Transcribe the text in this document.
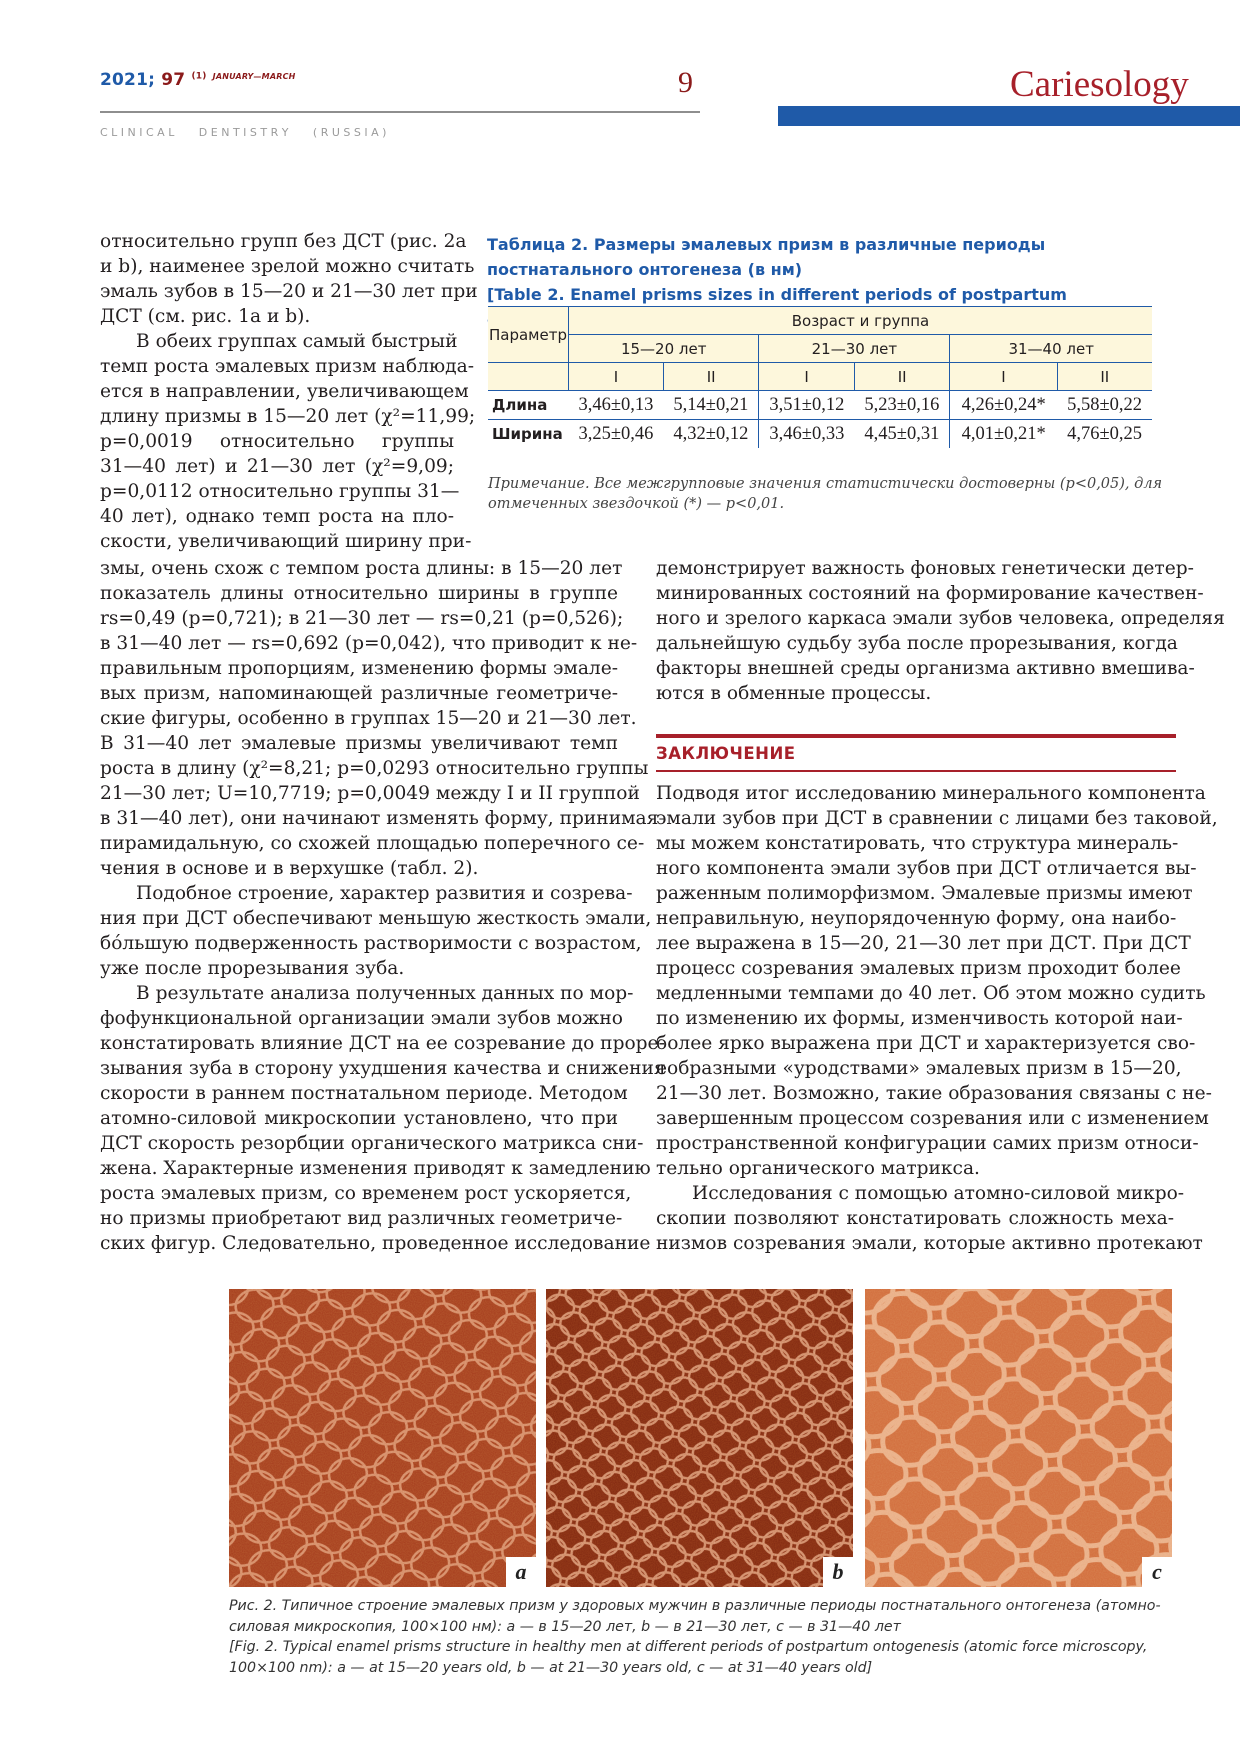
2021; 97 $^{(1)}$ $^{JANUARY—MARCH}$	9
C L I N I C A L       D E N T I S T R Y       ( R U S S I A )
Cariesology
относительно групп без ДСТ (рис. 2a
и b), наименее зрелой можно считать
эмаль зубов в 15—20 и 21—30 лет при
ДСТ (см. рис. 1a и b).
В обеих группах самый быстрый
темп роста эмалевых призм наблюда-
ется в направлении, увеличивающем
длину призмы в 15—20 лет (χ²=11,99;
p=0,0019 относительно группы
31—40 лет) и 21—30 лет (χ²=9,09;
p=0,0112 относительно группы 31—
40 лет), однако темп роста на пло-
скости, увеличивающий ширину при-
змы, очень схож с темпом роста длины: в 15—20 лет
показатель длины относительно ширины в группе
rs=0,49 (p=0,721); в 21—30 лет — rs=0,21 (p=0,526);
в 31—40 лет — rs=0,692 (p=0,042), что приводит к не-
правильным пропорциям, изменению формы эмале-
вых призм, напоминающей различные геометриче-
ские фигуры, особенно в группах 15—20 и 21—30 лет.
В 31—40 лет эмалевые призмы увеличивают темп
роста в длину (χ²=8,21; p=0,0293 относительно группы
21—30 лет; U=10,7719; p=0,0049 между I и II группой
в 31—40 лет), они начинают изменять форму, принимая
пирамидальную, со схожей площадью поперечного се-
чения в основе и в верхушке (табл. 2).
Подобное строение, характер развития и созрева-
ния при ДСТ обеспечивают меньшую жесткость эмали,
бо́льшую подверженность растворимости с возрастом,
уже после прорезывания зуба.
В результате анализа полученных данных по мор-
фофункциональной организации эмали зубов можно
констатировать влияние ДСТ на ее созревание до проре-
зывания зуба в сторону ухудшения качества и снижения
скорости в раннем постнатальном периоде. Методом
атомно-силовой микроскопии установлено, что при
ДСТ скорость резорбции органического матрикса сни-
жена. Характерные изменения приводят к замедлению
роста эмалевых призм, со временем рост ускоряется,
но призмы приобретают вид различных геометриче-
ских фигур. Следовательно, проведенное исследование
демонстрирует важность фоновых генетически детер-
минированных состояний на формирование качествен-
ного и зрелого каркаса эмали зубов человека, определяя
дальнейшую судьбу зуба после прорезывания, когда
факторы внешней среды организма активно вмешива-
ются в обменные процессы.
Подводя итог исследованию минерального компонента
эмали зубов при ДСТ в сравнении с лицами без таковой,
мы можем констатировать, что структура минераль-
ного компонента эмали зубов при ДСТ отличается вы-
раженным полиморфизмом. Эмалевые призмы имеют
неправильную, неупорядоченную форму, она наибо-
лее выражена в 15—20, 21—30 лет при ДСТ. При ДСТ
процесс созревания эмалевых призм проходит более
медленными темпами до 40 лет. Об этом можно судить
по изменению их формы, изменчивость которой наи-
более ярко выражена при ДСТ и характеризуется сво-
еобразными «уродствами» эмалевых призм в 15—20,
21—30 лет. Возможно, такие образования связаны с не-
завершенным процессом созревания или с изменением
пространственной конфигурации самих призм относи-
тельно органического матрикса.
Исследования с помощью атомно-силовой микро-
скопии позволяют констатировать сложность меха-
низмов созревания эмали, которые активно протекают
Таблица 2. Размеры эмалевых призм в различные периоды постнатального онтогенеза (в нм)
[Table 2. Enamel prisms sizes in different periods of postpartum
Параметр	Возраст и группа					
	15—20 лет		21—30 лет		31—40 лет	
	I	II	I	II	I	II
Длина	3,46±0,13	5,14±0,21	3,51±0,12	5,23±0,16	4,26±0,24*	5,58±0,22
Ширина	3,25±0,46	4,32±0,12	3,46±0,33	4,45±0,31	4,01±0,21*	4,76±0,25
Примечание. Все межгрупповые значения статистически достоверны (p<0,05), для отмеченных звездочкой (*) — p<0,01.
ЗАКЛЮЧЕНИЕ
a	b	c
Рис. 2. Типичное строение эмалевых призм у здоровых мужчин в различные периоды постнатального онтогенеза (атомно-силовая микроскопия, 100×100 нм): a — в 15—20 лет, b — в 21—30 лет, c — в 31—40 лет
[Fig. 2. Typical enamel prisms structure in healthy men at different periods of postpartum ontogenesis (atomic force microscopy, 100×100 nm): a — at 15—20 years old, b — at 21—30 years old, c — at 31—40 years old]
